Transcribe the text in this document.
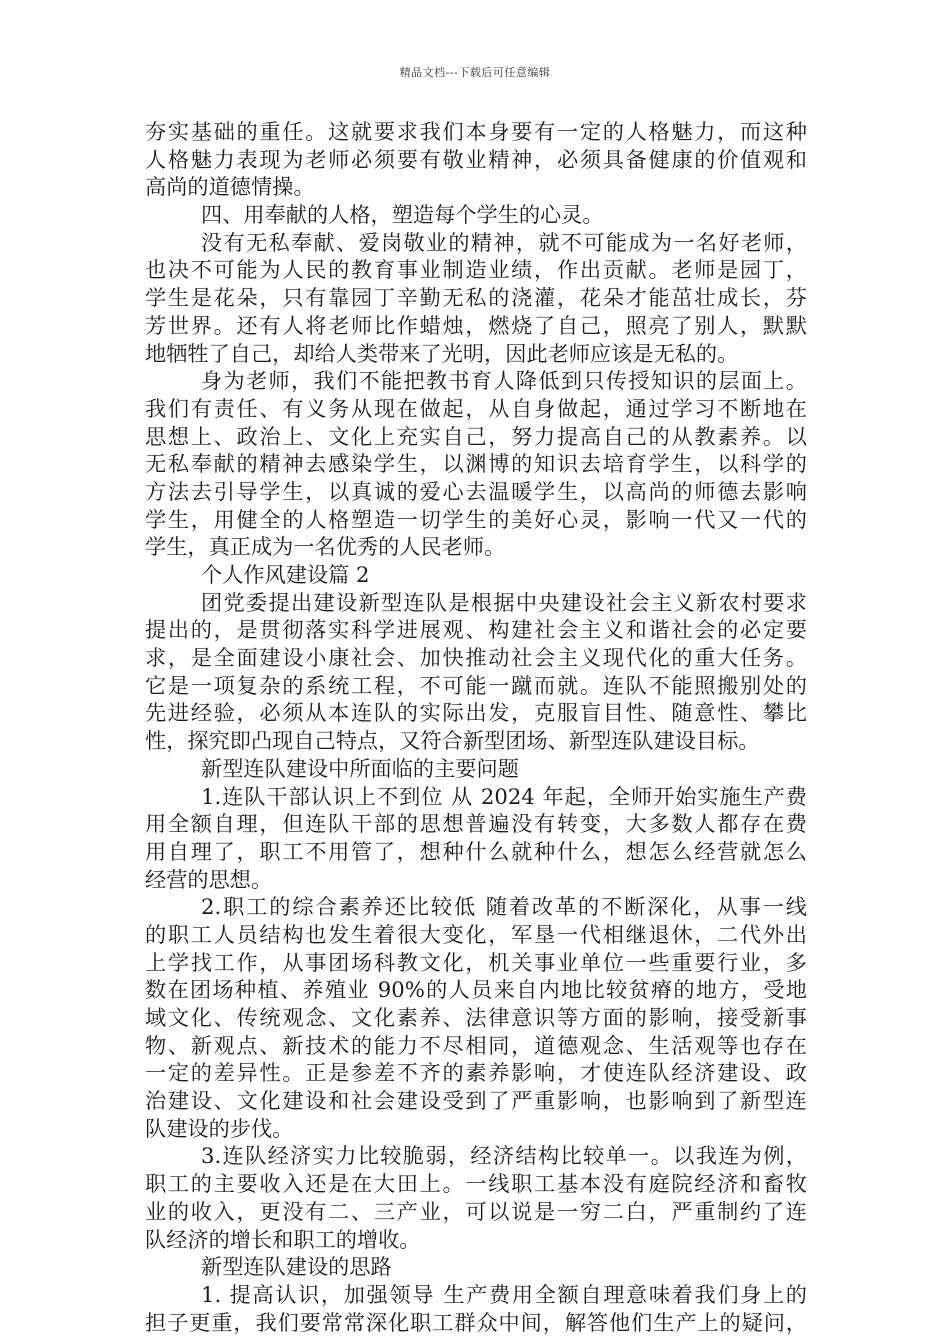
精品文档---下载后可任意编辑
夯实基础的重任。这就要求我们本身要有一定的人格魅力，而这种
人格魅力表现为老师必须要有敬业精神，必须具备健康的价值观和
高尚的道德情操。
四、用奉献的人格，塑造每个学生的心灵。
没有无私奉献、爱岗敬业的精神，就不可能成为一名好老师，
也决不可能为人民的教育事业制造业绩，作出贡献。老师是园丁，
学生是花朵，只有靠园丁辛勤无私的浇灌，花朵才能茁壮成长，芬
芳世界。还有人将老师比作蜡烛，燃烧了自己，照亮了别人，默默
地牺牲了自己，却给人类带来了光明，因此老师应该是无私的。
身为老师，我们不能把教书育人降低到只传授知识的层面上。
我们有责任、有义务从现在做起，从自身做起，通过学习不断地在
思想上、政治上、文化上充实自己，努力提高自己的从教素养。以
无私奉献的精神去感染学生，以渊博的知识去培育学生，以科学的
方法去引导学生，以真诚的爱心去温暖学生，以高尚的师德去影响
学生，用健全的人格塑造一切学生的美好心灵，影响一代又一代的
学生，真正成为一名优秀的人民老师。
个人作风建设篇 2
团党委提出建设新型连队是根据中央建设社会主义新农村要求
提出的，是贯彻落实科学进展观、构建社会主义和谐社会的必定要
求，是全面建设小康社会、加快推动社会主义现代化的重大任务。
它是一项复杂的系统工程，不可能一蹴而就。连队不能照搬别处的
先进经验，必须从本连队的实际出发，克服盲目性、随意性、攀比
性，探究即凸现自己特点，又符合新型团场、新型连队建设目标。
新型连队建设中所面临的主要问题
1.连队干部认识上不到位 从 2024 年起，全师开始实施生产费
用全额自理，但连队干部的思想普遍没有转变，大多数人都存在费
用自理了，职工不用管了，想种什么就种什么，想怎么经营就怎么
经营的思想。
2.职工的综合素养还比较低 随着改革的不断深化，从事一线
的职工人员结构也发生着很大变化，军垦一代相继退休，二代外出
上学找工作，从事团场科教文化，机关事业单位一些重要行业，多
数在团场种植、养殖业 90%的人员来自内地比较贫瘠的地方，受地
域文化、传统观念、文化素养、法律意识等方面的影响，接受新事
物、新观点、新技术的能力不尽相同，道德观念、生活观等也存在
一定的差异性。正是参差不齐的素养影响，才使连队经济建设、政
治建设、文化建设和社会建设受到了严重影响，也影响到了新型连
队建设的步伐。
3.连队经济实力比较脆弱，经济结构比较单一。以我连为例，
职工的主要收入还是在大田上。一线职工基本没有庭院经济和畜牧
业的收入，更没有二、三产业，可以说是一穷二白，严重制约了连
队经济的增长和职工的增收。
新型连队建设的思路
1. 提高认识，加强领导 生产费用全额自理意味着我们身上的
担子更重，我们要常常深化职工群众中间，解答他们生产上的疑问，
